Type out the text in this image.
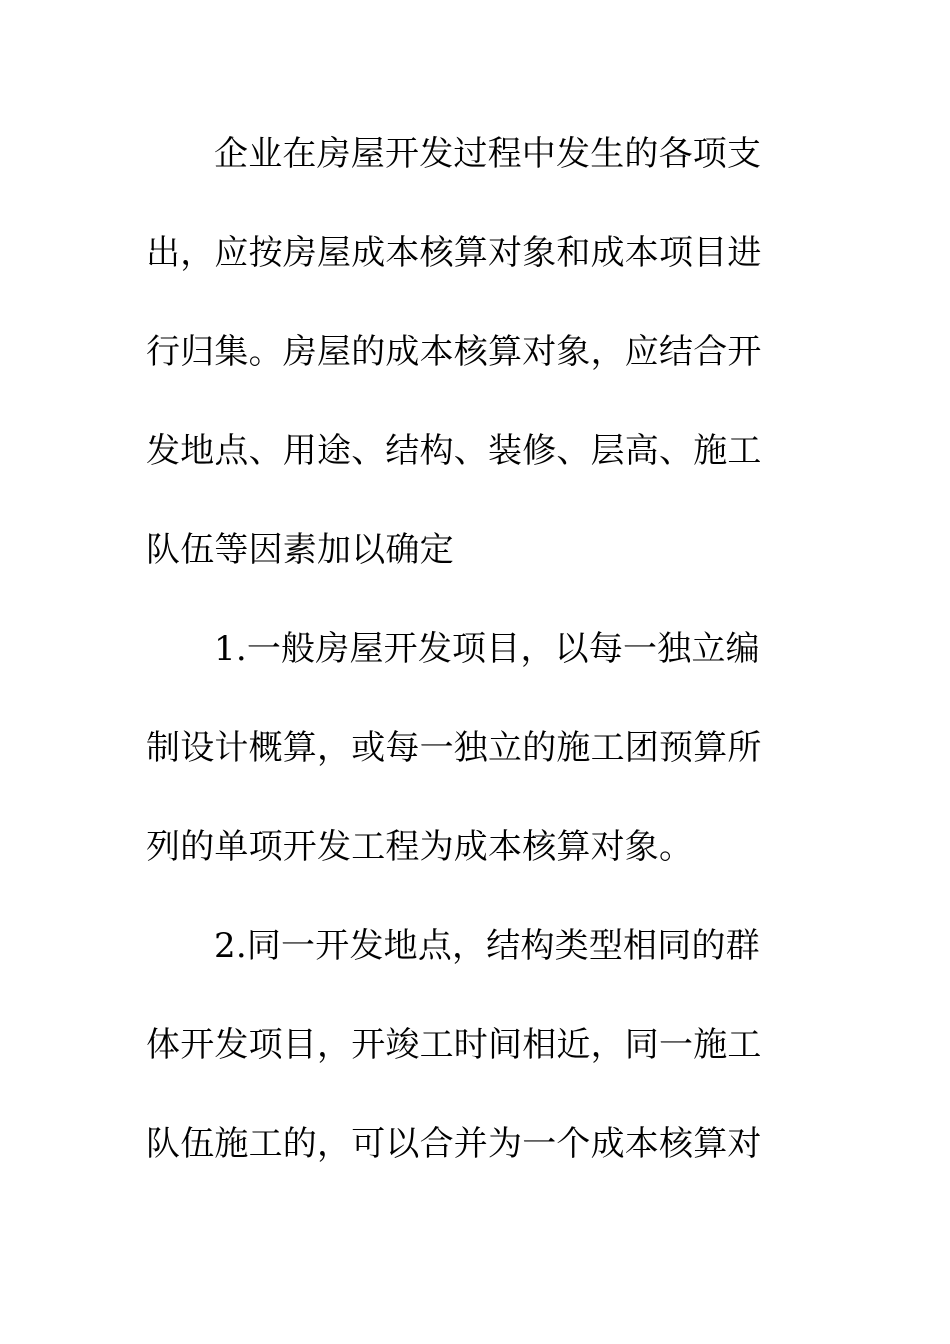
企业在房屋开发过程中发生的各项支
出，应按房屋成本核算对象和成本项目进
行归集。房屋的成本核算对象，应结合开
发地点、用途、结构、装修、层高、施工
队伍等因素加以确定
1.一般房屋开发项目，以每一独立编
制设计概算，或每一独立的施工团预算所
列的单项开发工程为成本核算对象。
2.同一开发地点，结构类型相同的群
体开发项目，开竣工时间相近，同一施工
队伍施工的，可以合并为一个成本核算对
